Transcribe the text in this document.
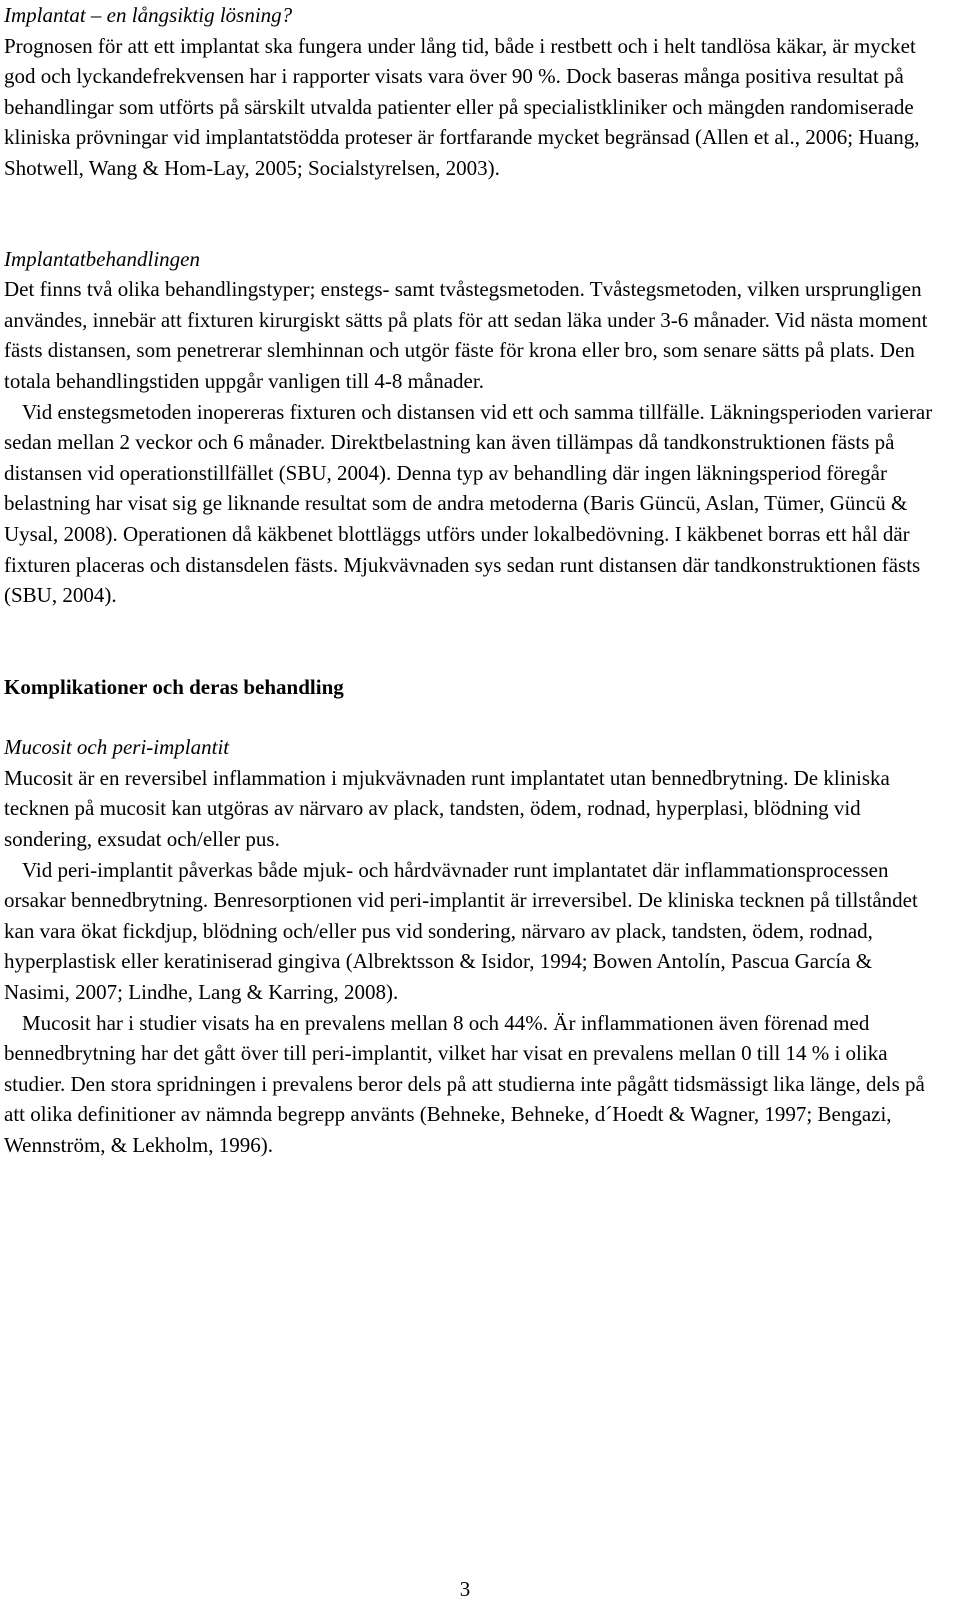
Implantat – en långsiktig lösning?

Prognosen för att ett implantat ska fungera under lång tid, både i restbett och i helt tandlösa käkar, är mycket god och lyckandefrekvensen har i rapporter visats vara över 90 %. Dock baseras många positiva resultat på behandlingar som utförts på särskilt utvalda patienter eller på specialistkliniker och mängden randomiserade kliniska prövningar vid implantatstödda proteser är fortfarande mycket begränsad (Allen et al., 2006; Huang, Shotwell, Wang & Hom-Lay, 2005; Socialstyrelsen, 2003).

Implantatbehandlingen

Det finns två olika behandlingstyper; enstegs- samt tvåstegsmetoden. Tvåstegsmetoden, vilken ursprungligen användes, innebär att fixturen kirurgiskt sätts på plats för att sedan läka under 3-6 månader. Vid nästa moment fästs distansen, som penetrerar slemhinnan och utgör fäste för krona eller bro, som senare sätts på plats. Den totala behandlingstiden uppgår vanligen till 4-8 månader.

Vid enstegsmetoden inopereras fixturen och distansen vid ett och samma tillfälle. Läkningsperioden varierar sedan mellan 2 veckor och 6 månader. Direktbelastning kan även tillämpas då tandkonstruktionen fästs på distansen vid operationstillfället (SBU, 2004). Denna typ av behandling där ingen läkningsperiod föregår belastning har visat sig ge liknande resultat som de andra metoderna (Baris Güncü, Aslan, Tümer, Güncü & Uysal, 2008). Operationen då käkbenet blottläggs utförs under lokalbedövning. I käkbenet borras ett hål där fixturen placeras och distansdelen fästs. Mjukvävnaden sys sedan runt distansen där tandkonstruktionen fästs (SBU, 2004).

Komplikationer och deras behandling

Mucosit och peri-implantit

Mucosit är en reversibel inflammation i mjukvävnaden runt implantatet utan bennedbrytning. De kliniska tecknen på mucosit kan utgöras av närvaro av plack, tandsten, ödem, rodnad, hyperplasi, blödning vid sondering, exsudat och/eller pus.

Vid peri-implantit påverkas både mjuk- och hårdvävnader runt implantatet där inflammationsprocessen orsakar bennedbrytning. Benresorptionen vid peri-implantit är irreversibel. De kliniska tecknen på tillståndet kan vara ökat fickdjup, blödning och/eller pus vid sondering, närvaro av plack, tandsten, ödem, rodnad, hyperplastisk eller keratiniserad gingiva (Albrektsson & Isidor, 1994; Bowen Antolín, Pascua García & Nasimi, 2007; Lindhe, Lang & Karring, 2008).

Mucosit har i studier visats ha en prevalens mellan 8 och 44%. Är inflammationen även förenad med bennedbrytning har det gått över till peri-implantit, vilket har visat en prevalens mellan 0 till 14 % i olika studier. Den stora spridningen i prevalens beror dels på att studierna inte pågått tidsmässigt lika länge, dels på att olika definitioner av nämnda begrepp använts (Behneke, Behneke, d´Hoedt & Wagner, 1997; Bengazi, Wennström, & Lekholm, 1996).

3
